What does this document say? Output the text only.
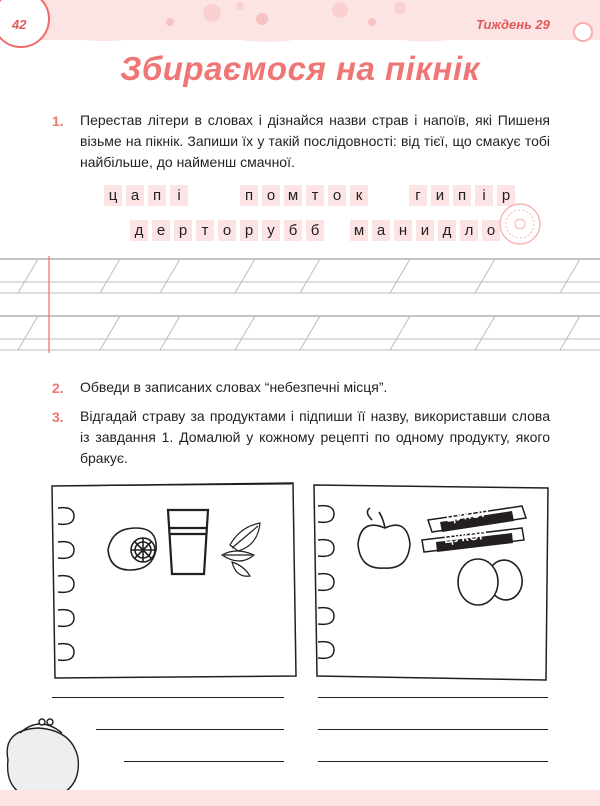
42	Тиждень 29
Збираємося на пікнік
1. Перестав літери в словах і дізнайся назви страв і напоїв, які Пишеня візьме на пікнік. Запиши їх у такій послідовності: від тієї, що смакує тобі найбільше, до найменш смачної.
ц а п	і	п о м т о к	г	и п	і	р
д е р т о р у б б	м а н и д л о
2. Обведи в записаних словах “небезпечні місця”.
3. Відгадай страву за продуктами і підпиши її назву, використавши слова із завдання 1. Домалюй у кожному рецепті по одному продукту, якого бракує.
ЦУКОР
ЦУКОР
